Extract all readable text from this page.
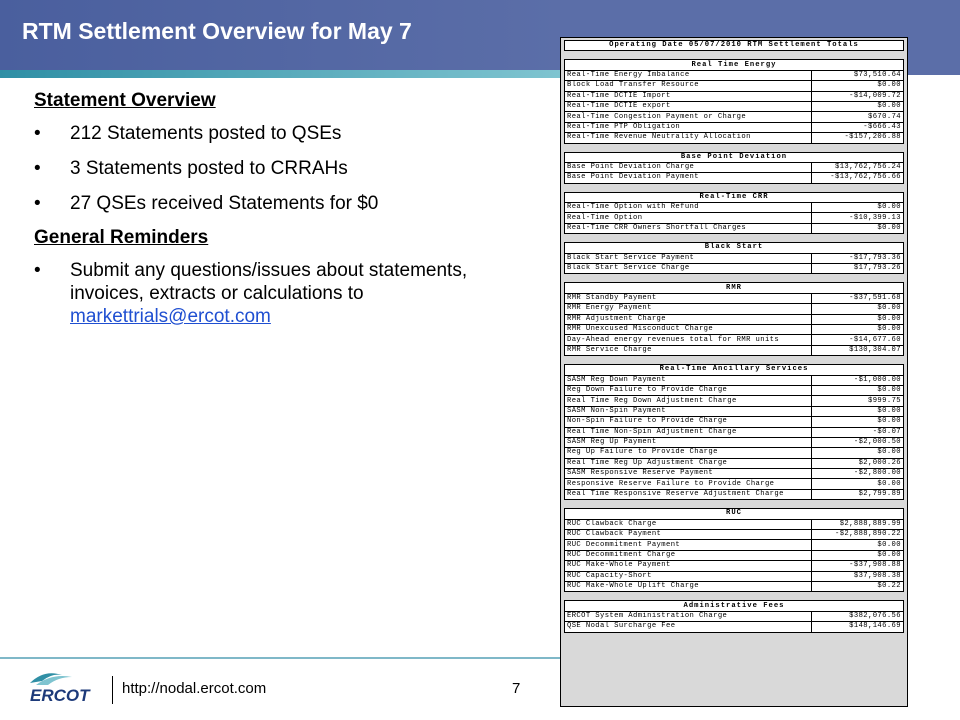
RTM Settlement Overview for May 7
Statement Overview
•	212 Statements posted to QSEs
•	3 Statements posted to CRRAHs
•	27 QSEs received Statements for $0
General Reminders
•	Submit any questions/issues about statements, invoices, extracts or calculations to markettrials@ercot.com
Operating Date 05/07/2010 RTM Settlement Totals	

Real Time Energy	
Real-Time Energy Imbalance	$73,510.64
Block Load Transfer Resource	$0.00
Real-Time DCTIE Import	-$14,009.72
Real-Time DCTIE export	$0.00
Real-Time Congestion Payment or Charge	$670.74
Real-Time PTP Obligation	-$666.43
Real-Time Revenue Neutrality Allocation	-$157,206.88

Base Point Deviation	
Base Point Deviation Charge	$13,762,756.24
Base Point Deviation Payment	-$13,762,756.66

Real-Time CRR	
Real-Time Option with Refund	$0.00
Real-Time Option	-$10,399.13
Real-Time CRR Owners Shortfall Charges	$0.00

Black Start	
Black Start Service Payment	-$17,793.36
Black Start Service Charge	$17,793.26

RMR	
RMR Standby Payment	-$37,591.68
RMR Energy Payment	$0.00
RMR Adjustment Charge	$0.00
RMR Unexcused Misconduct Charge	$0.00
Day-Ahead energy revenues total for RMR units	-$14,677.60
RMR Service Charge	$130,304.07

Real-Time Ancillary Services	
SASM Reg Down Payment	-$1,000.00
Reg Down Failure to Provide Charge	$0.00
Real Time Reg Down Adjustment Charge	$999.75
SASM Non-Spin Payment	$0.00
Non-Spin Failure to Provide Charge	$0.00
Real Time Non-Spin Adjustment Charge	-$0.07
SASM Reg Up Payment	-$2,000.50
Reg Up Failure to Provide Charge	$0.00
Real Time Reg Up Adjustment Charge	$2,000.26
SASM Responsive Reserve Payment	-$2,800.00
Responsive Reserve Failure to Provide Charge	$0.00
Real Time Responsive Reserve Adjustment Charge	$2,799.89

RUC	
RUC Clawback Charge	$2,888,889.99
RUC Clawback Payment	-$2,888,890.22
RUC Decommitment Payment	$0.00
RUC Decommitment Charge	$0.00
RUC Make-Whole Payment	-$37,908.88
RUC Capacity-Short	$37,908.38
RUC Make-Whole Uplift Charge	$0.22

Administrative Fees	
ERCOT System Administration Charge	$382,076.56
QSE Nodal Surcharge Fee	$148,146.69
ERCOT http://nodal.ercot.com	7
